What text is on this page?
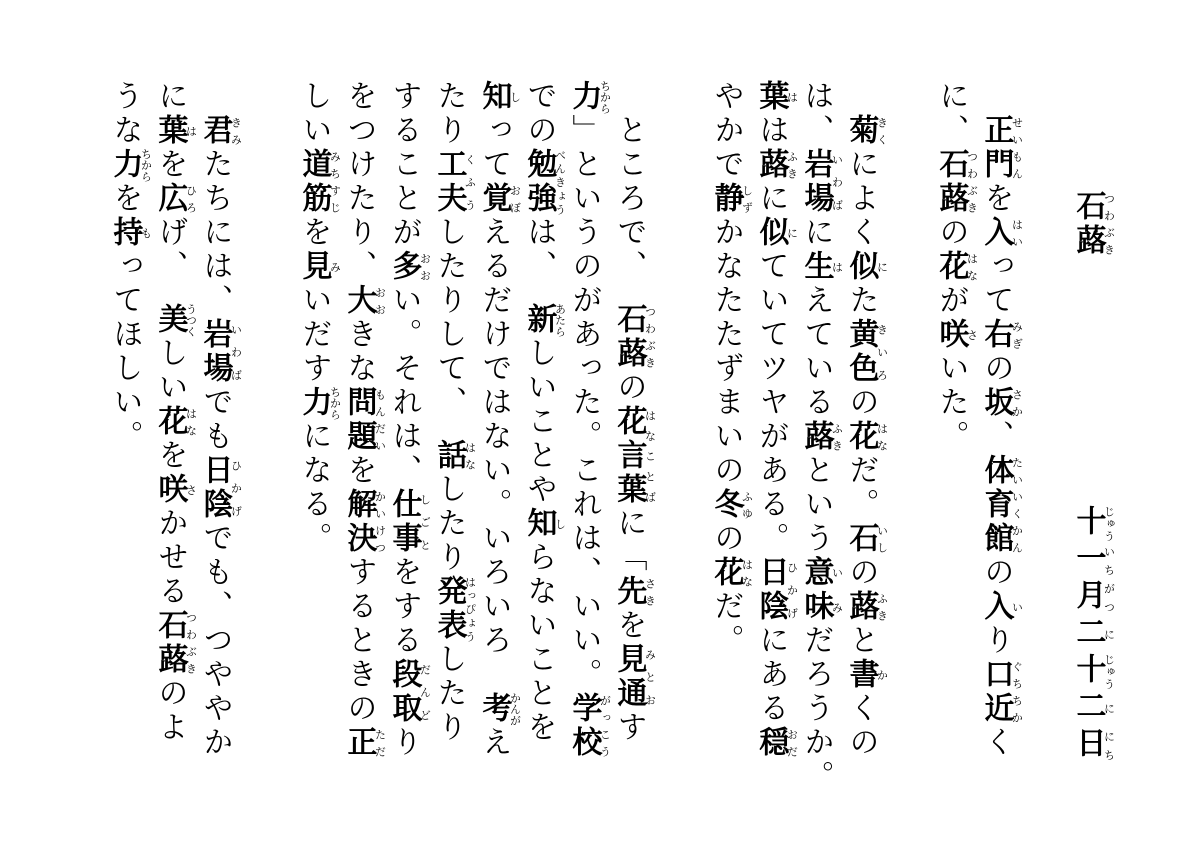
石蕗つわぶき
十じゅう一いち月がつ二に十じゅう二に日にち
正門せいもんを入はいって右みぎの坂さか、体育館たいいくかんの入いり口ぐち近ちかく
に、石蕗つわぶきの花はなが咲さいた。
菊きくによく似にた黄色きいろの花はなだ。石いしの蕗ふきと書かくの
は、岩場いわばに生はえている蕗ふきという意味いみだろうか。
葉はは蕗ふきに似にていてツヤがある。日陰ひかげにある穏おだ
やかで静しずかなたたずまいの冬ふゆの花はなだ。
ところで、　石蕗つわぶきの花言葉はなことばに「先さきを見通みとおす
力ちから」というのがあった。これは、いい。学校がっこう
での勉強べんきょうは、　新あたらしいことや知しらないことを
知しって覚おぼえるだけではない。いろいろ　考かんがえ
たり工夫くふうしたりして、　話はなしたり発表はっぴょうしたり
することが多おおい。それは、仕事しごとをする段取だんどり
をつけたり、大おおきな問題もんだいを解決かいけつするときの正ただ
しい道筋みちすじを見みいだす力ちからになる。
君きみたちには、岩場いわばでも日陰ひかげでも、つややか
に葉はを広ひろげ、　美うつくしい花はなを咲さかせる石蕗つわぶきのよ
うな力ちからを持もってほしい。
